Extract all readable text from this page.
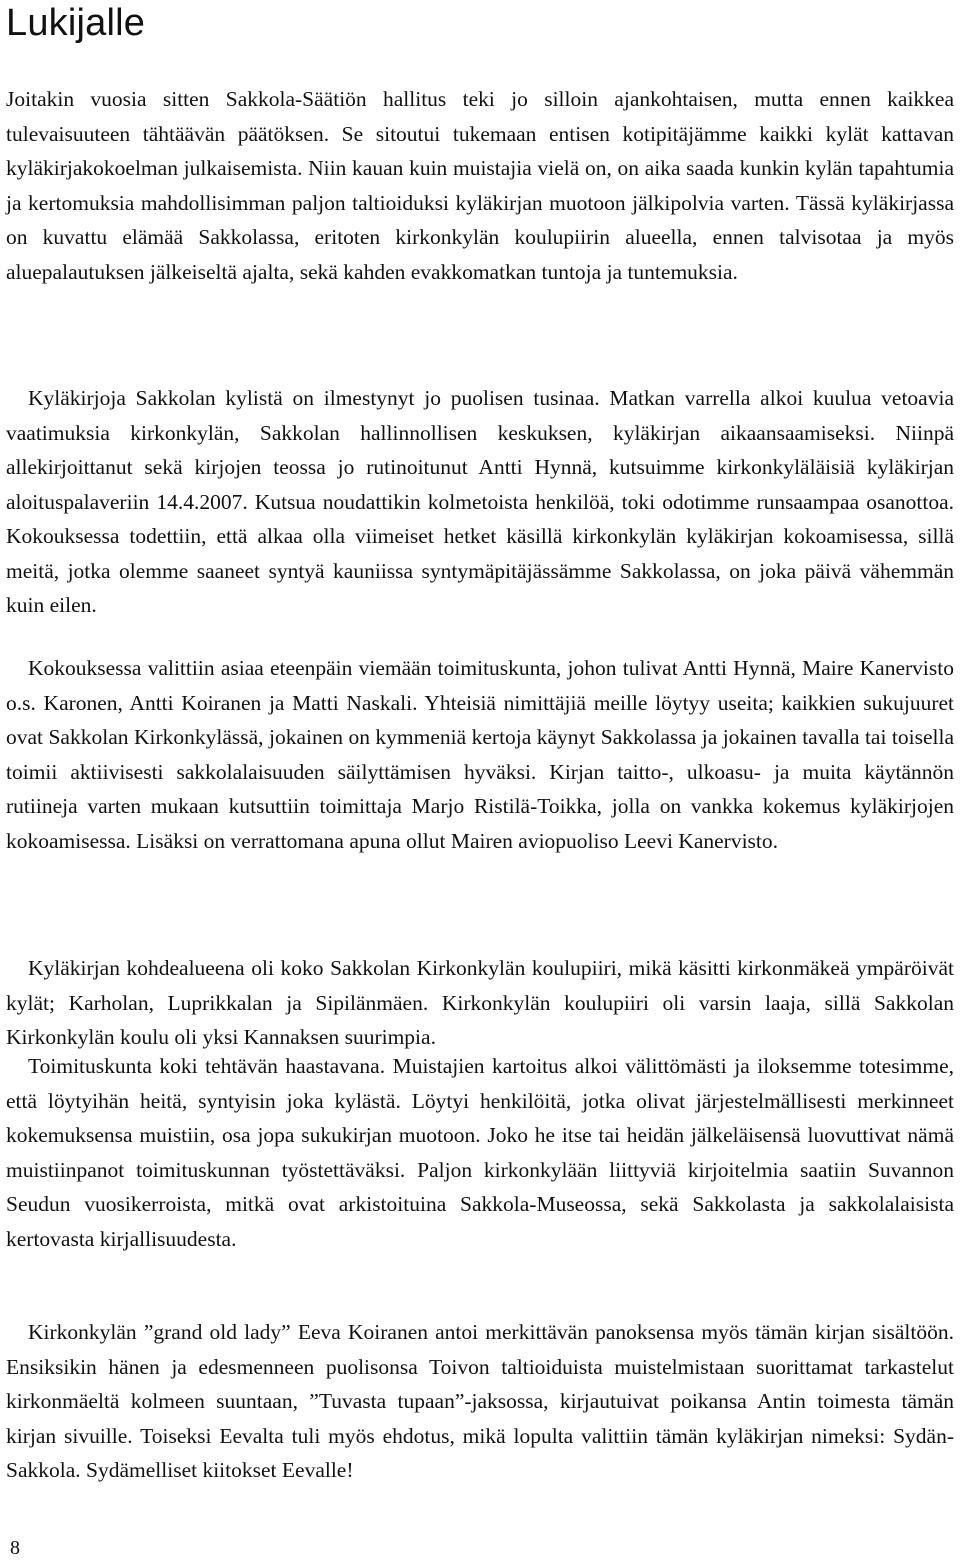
Lukijalle

Joitakin vuosia sitten Sakkola-Säätiön hallitus teki jo silloin ajankohtaisen, mutta ennen kaikkea tulevaisuuteen tähtäävän päätöksen. Se sitoutui tukemaan entisen kotipitäjämme kaikki kylät kattavan kyläkirjakokoelman julkaisemista. Niin kauan kuin muistajia vielä on, on aika saada kunkin kylän tapahtumia ja kertomuksia mahdollisimman paljon taltioiduksi kyläkirjan muotoon jälkipolvia varten. Tässä kyläkirjassa on kuvattu elämää Sakkolassa, eritoten kirkonkylän koulupiirin alueella, ennen talvisotaa ja myös aluepalautuksen jälkeiseltä ajalta, sekä kahden evakkomatkan tuntoja ja tuntemuksia.

Kyläkirjoja Sakkolan kylistä on ilmestynyt jo puolisen tusinaa. Matkan varrella alkoi kuulua vetoavia vaatimuksia kirkonkylän, Sakkolan hallinnollisen keskuksen, kyläkirjan aikaansaamiseksi. Niinpä allekirjoittanut sekä kirjojen teossa jo rutinoitunut Antti Hynnä, kutsuimme kirkonkyläläisiä kyläkirjan aloituspalaveriin 14.4.2007. Kutsua noudattikin kolmetoista henkilöä, toki odotimme runsaampaa osanottoa. Kokouksessa todettiin, että alkaa olla viimeiset hetket käsillä kirkonkylän kyläkirjan kokoamisessa, sillä meitä, jotka olemme saaneet syntyä kauniissa syntymäpitäjässämme Sakkolassa, on joka päivä vähemmän kuin eilen.

Kokouksessa valittiin asiaa eteenpäin viemään toimituskunta, johon tulivat Antti Hynnä, Maire Kanervisto o.s. Karonen, Antti Koiranen ja Matti Naskali. Yhteisiä nimittäjiä meille löytyy useita; kaikkien sukujuuret ovat Sakkolan Kirkonkylässä, jokainen on kymmeniä kertoja käynyt Sakkolassa ja jokainen tavalla tai toisella toimii aktiivisesti sakkolalaisuuden säilyttämisen hyväksi. Kirjan taitto-, ulkoasu- ja muita käytännön rutiineja varten mukaan kutsuttiin toimittaja Marjo Ristilä-Toikka, jolla on vankka kokemus kyläkirjojen kokoamisessa. Lisäksi on verrattomana apuna ollut Mairen aviopuoliso Leevi Kanervisto.

Kyläkirjan kohdealueena oli koko Sakkolan Kirkonkylän koulupiiri, mikä käsitti kirkonmäkeä ympäröivät kylät; Karholan, Luprikkalan ja Sipilänmäen. Kirkonkylän koulupiiri oli varsin laaja, sillä Sakkolan Kirkonkylän koulu oli yksi Kannaksen suurimpia.

Toimituskunta koki tehtävän haastavana. Muistajien kartoitus alkoi välittömästi ja iloksemme totesimme, että löytyihän heitä, syntyisin joka kylästä. Löytyi henkilöitä, jotka olivat järjestelmällisesti merkinneet kokemuksensa muistiin, osa jopa sukukirjan muotoon. Joko he itse tai heidän jälkeläisensä luovuttivat nämä muistiinpanot toimituskunnan työstettäväksi. Paljon kirkonkylään liittyviä kirjoitelmia saatiin Suvannon Seudun vuosikerroista, mitkä ovat arkistoituina Sakkola-Museossa, sekä Sakkolasta ja sakkolalaisista kertovasta kirjallisuudesta.

Kirkonkylän ”grand old lady” Eeva Koiranen antoi merkittävän panoksensa myös tämän kirjan sisältöön. Ensiksikin hänen ja edesmenneen puolisonsa Toivon taltioiduista muistelmistaan suorittamat tarkastelut kirkonmäeltä kolmeen suuntaan, ”Tuvasta tupaan”-jaksossa, kirjautuivat poikansa Antin toimesta tämän kirjan sivuille. Toiseksi Eevalta tuli myös ehdotus, mikä lopulta valittiin tämän kyläkirjan nimeksi: Sydän-Sakkola. Sydämelliset kiitokset Eevalle!

8
